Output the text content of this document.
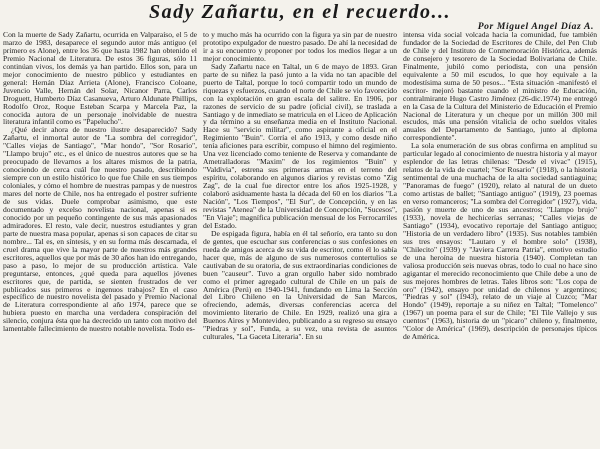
Sady Zañartu, en el recuerdo...
Por Miguel Angel Díaz A.

Con la muerte de Sady Zañartu, ocurrida en Valparaíso, el 5 de marzo de 1983, desaparece el segundo autor más antiguo (el primero es Alone), entre los 36 que hasta 1982 han obtenido el Premio Nacional de Literatura. De estos 36 figuras, sólo 11 continúan vivos, los demás ya han partido. Ellos son, para un mejor conocimiento de nuestro público y estudiantes en general: Hernán Díaz Arrieta (Alone), Francisco Coloane, Juvencio Valle, Hernán del Solar, Nicanor Parra, Carlos Droguett, Humberto Díaz Casanueva, Arturo Aldunate Phillips, Rodolfo Oroz, Roque Esteban Scarpa y Marcela Paz, la conocida autora de un personaje inolvidable de nuestra literatura infantil como es "Papelucho".

¿Qué decir ahora de nuestro ilustre desaparecido? Sady Zañartu, el inmortal autor de "La sombra del corregidor", "Calles viejas de Santiago", "Mar hondo", "Sor Rosario", "Llampo brujo" etc., es el único de nuestros autores que se ha preocupado de llevarnos a los altares mismos de la patria, conociendo de cerca cuál fue nuestro pasado, describiendo siempre con un estilo histórico lo que fue Chile en sus tiempos coloniales, y cómo el hombre de nuestras pampas y de nuestros mares del norte de Chile, nos ha entregado el postrer sufriente de sus vidas. Duele comprobar asimismo, que este documentado y excelso novelista nacional, apenas si es conocido por un pequeño contingente de sus más apasionados admiradores. El resto, vale decir, nuestros estudiantes y gran parte de nuestra masa popular, apenas si son capaces de citar su nombre... Tal es, en síntesis, y en su forma más descarnada, el cruel drama que vive la mayor parte de nuestros más grandes escritores, aquellos que por más de 30 años han ido entregando, paso a paso, lo mejor de su producción artística. Vale preguntarse, entonces, ¿qué queda para aquellos jóvenes escritores que, de partida, se sienten frustrados de ver publicados sus primeros e ingenuos trabajos? En el caso específico de nuestro novelista del pasado y Premio Nacional de Literatura correspondiente al año 1974, parece que se hubiera puesto en marcha una verdadera conspiración del silencio, conjura ésta que ha decrecido un tanto con motivo del lamentable fallecimiento de nuestro notable novelista. Todo es-

to y mucho más ha ocurrido con la figura ya sin par de nuestro prototipo expulgador de nuestro pasado. De ahí la necesidad de ir a su encuentro y proponer por todos los medios llegar a un mejor conocimiento.

Sady Zañartu nace en Taltal, un 6 de mayo de 1893. Gran parte de su niñez la pasó junto a la vida no tan apacible del puerto de Taltal, porque lo tocó compartir todo un mundo de riquezas y esfuerzos, cuando el norte de Chile se vio favorecido con la explotación en gran escala del salitre. En 1906, por razones de servicio de su padre (oficial civil), se traslada a Santiago y de inmediato se matricula en el Liceo de Aplicación y da término a su enseñanza media en el Instituto Nacional. Hace su "servicio militar", como aspirante a oficial en el Regimiento "Buin". Corría el año 1913, y como desde niño tenía aficiones para escribir, compuso el himno del regimiento. Una vez licenciado como teniente de Reserva y comandante de Ametralladoras "Maxim" de los regimientos "Buin" y "Valdivia", estrena sus primeras armas en el terreno del espíritu, colaborando en algunos diarios y revistas como "Zig Zag", de la cual fue director entre los años 1925-1928, y colaboró asiduamente hasta la década del 60 en los diarios "La Nación", "Los Tiempos", "El Sur", de Concepción, y en las revistas "Atenea" de la Universidad de Concepción, "Sucesos", "En Viaje"; magnífica publicación mensual de los Ferrocarriles del Estado.

De espigada figura, había en él tal señorío, era tanto su don de gentes, que escuchar sus conferencias o sus confesiones en rueda de amigos acerca de su vida de escritor, como él lo sabía hacer que, más de alguno de sus numerosos contertulios se cautivaban de su oratoria, de sus extraordinarias condiciones de buen "causeur". Tuvo a gran orgullo haber sido nombrado como el primer agregado cultural de Chile en un país de América (Perú) en 1940-1941, fundando en Lima la Sección del Libro Chileno en la Universidad de San Marcos, ofreciendo, además, diversas conferencias acerca del movimiento literario de Chile. En 1929, realizó una gira a Buenos Aires y Montevideo, publicando a su regreso su ensayo "Piedras y sol", Funda, a su vez, una revista de asuntos culturales, "La Gaceta Literaria". En su

intensa vida social volcada hacia la comunidad, fue también fundador de la Sociedad de Escritores de Chile, del Pen Club de Chile y del Instituto de Conmemoración Histórica, además de consejero y tesorero de la Sociedad Bolivariana de Chile. Finalmente, jubiló como periodista, con una pensión equivalente a 50 mil escudos, lo que hoy equivale a la modestísima suma de 50 pesos... "Esta situación -manifestó el escritor- mejoró bastante cuando el ministro de Educación, contralmirante Hugo Castro Jiménez (26-dic.1974) me entregó en la Casa de la Cultura del Ministerio de Educación el Premio Nacional de Literatura y un cheque por un millón 300 mil escudos, más una pensión vitalicia de ocho sueldos vitales anuales del Departamento de Santiago, junto al diploma correspondiente".

La sola enumeración de sus obras confirma en amplitud su particular legado al conocimiento de nuestra historia y al mayor esplendor de las letras chilenas: "Desde el vivac" (1915), relatos de la vida de cuartel; "Sor Rosario" (1918), o la historia sentimental de una muchacha de la alta sociedad santiaguina; "Panoramas de fuego" (1920), relato al natural de un dueto como artistas de ballet; "Santiago antiguo" (1919), 23 poemas en verso romanceros; "La sombra del Corregidor" (1927), vida, pasión y muerte de uno de sus ancestros; "Llampo brujo" (1933), novela de hechicerías serranas; "Calles viejas de Santiago" (1934), evocativo reportaje del Santiago antiguo; "Historia de un verdadero libro" (1935). Sus notables también sus tres ensayos: "Lautaro y el hombre solo" (1938), "Chilecito" (1939) y "Javiera Carrera Patria", emotivo estudio de una heroína de nuestra historia (1940). Completan tan valiosa producción seis nuevas obras, todo lo cual no hace sino agigantar el merecido reconocimiento que Chile debe a uno de sus mejores hombres de letras. Tales libros son: "Los copa de oro" (1942), ensayo por unidad de chilenos y argentinos; "Piedras y sol" (1943), relato de un viaje al Cuzco; "Mar Hondo" (1949), reportaje a su niñez en Taltal; "Tomelenco" (1967) un poema para el sur de Chile; "El Tile Vallejo y sus cuentos" (1963), historia de un "picaro" chileno y, finalmente, "Color de América" (1969), descripción de personajes típicos de América.
